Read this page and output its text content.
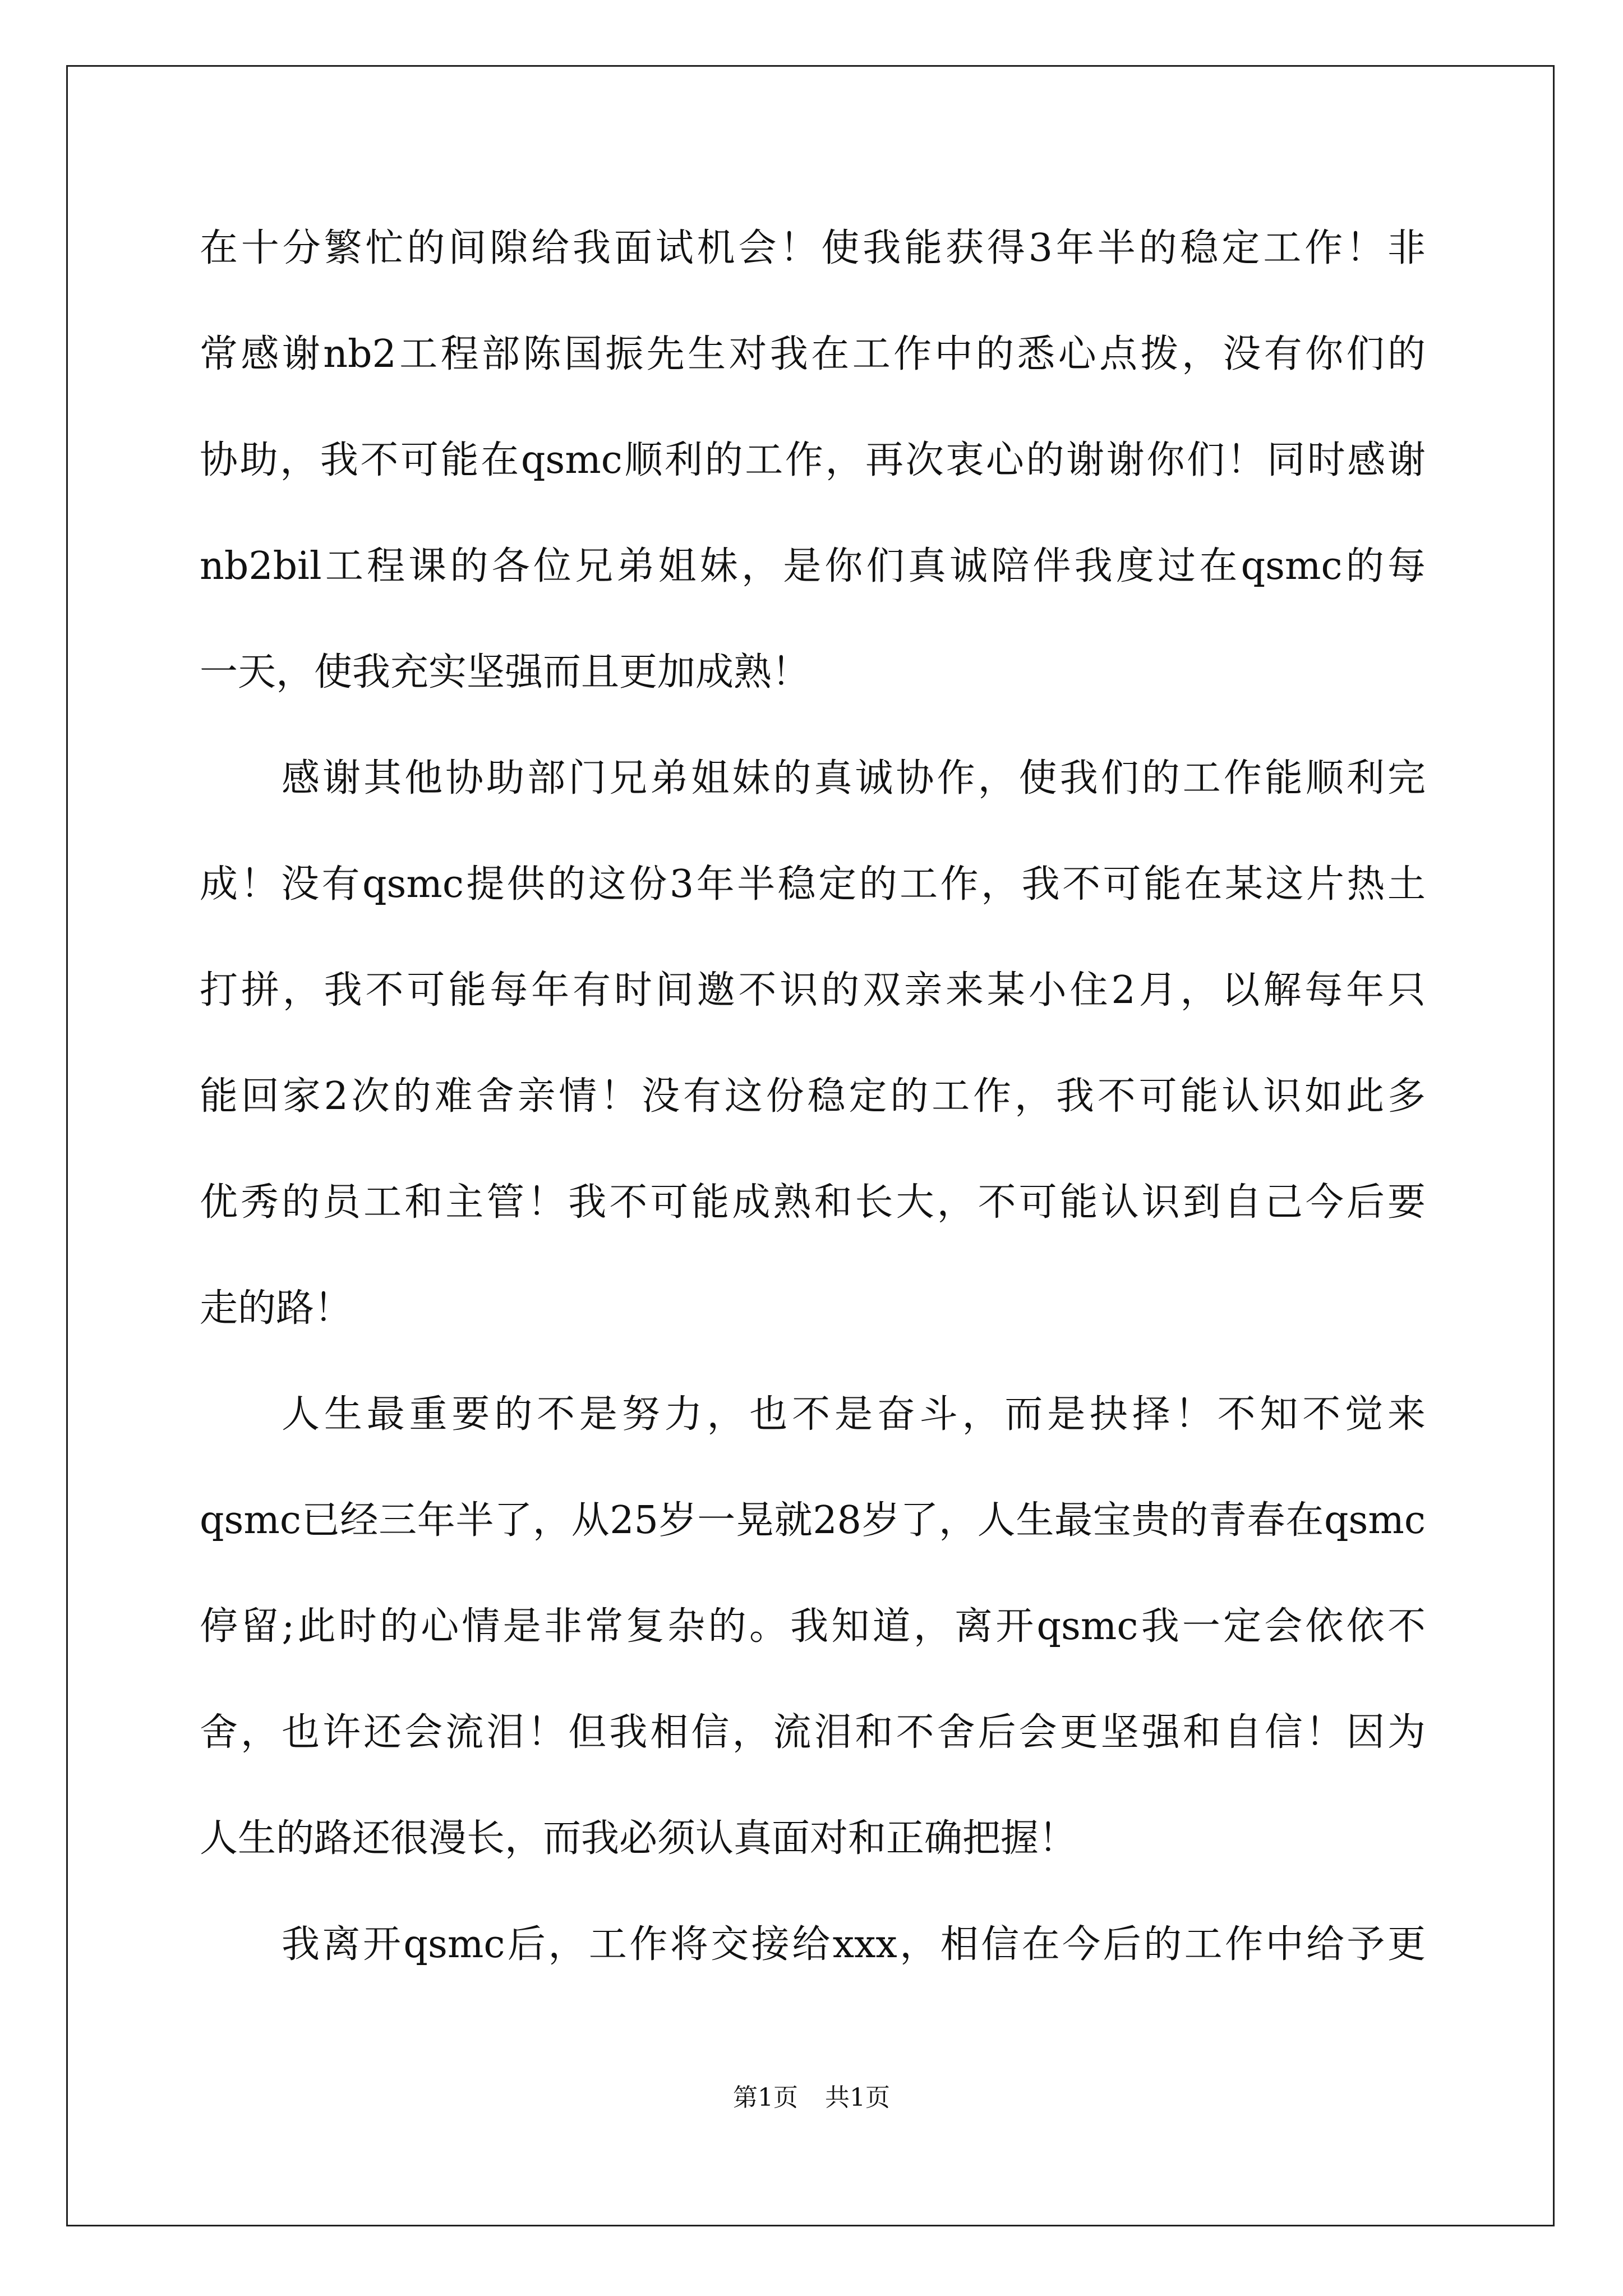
在十分繁忙的间隙给我面试机会！使我能获得3年半的稳定工作！非
常感谢nb2工程部陈国振先生对我在工作中的悉心点拨，没有你们的
协助，我不可能在qsmc顺利的工作，再次衷心的谢谢你们！同时感谢
nb2bil工程课的各位兄弟姐妹，是你们真诚陪伴我度过在qsmc的每
一天，使我充实坚强而且更加成熟！
感谢其他协助部门兄弟姐妹的真诚协作，使我们的工作能顺利完
成！没有qsmc提供的这份3年半稳定的工作，我不可能在某这片热土
打拼，我不可能每年有时间邀不识的双亲来某小住2月，以解每年只
能回家2次的难舍亲情！没有这份稳定的工作，我不可能认识如此多
优秀的员工和主管！我不可能成熟和长大，不可能认识到自己今后要
走的路！
人生最重要的不是努力，也不是奋斗，而是抉择！不知不觉来
qsmc已经三年半了，从25岁一晃就28岁了，人生最宝贵的青春在qsmc
停留;此时的心情是非常复杂的。我知道，离开qsmc我一定会依依不
舍，也许还会流泪！但我相信，流泪和不舍后会更坚强和自信！因为
人生的路还很漫长，而我必须认真面对和正确把握！
我离开qsmc后，工作将交接给xxx，相信在今后的工作中给予更
第1页 共1页
